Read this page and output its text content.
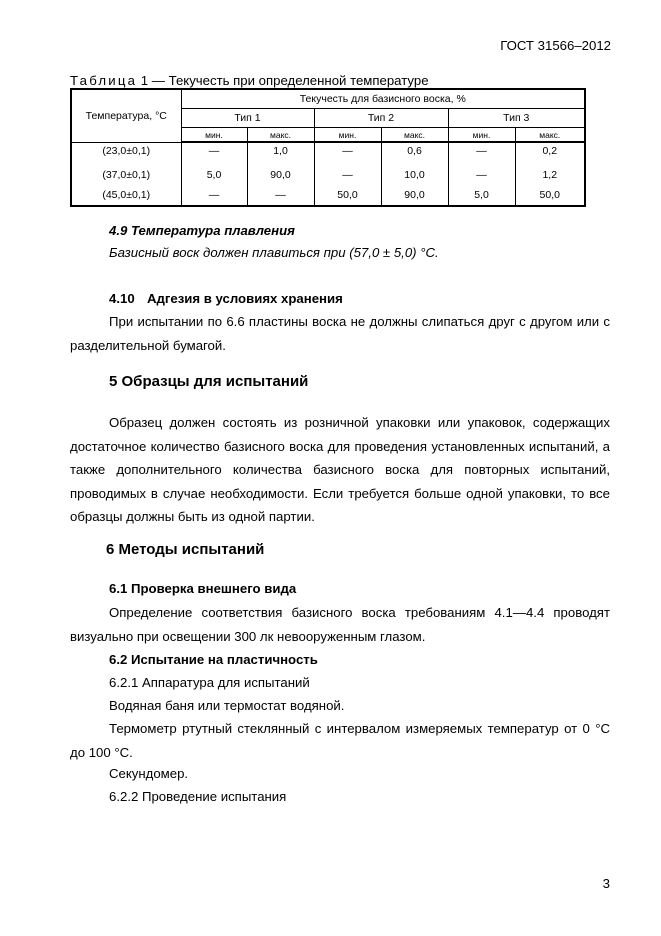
ГОСТ 31566–2012
Таблица 1 — Текучесть при определенной температуре
Температура, °С	Текучесть для базисного воска, %					
	Тип 1		Тип 2		Тип 3	
	мин.	макс.	мин.	макс.	мин.	макс.
(23,0±0,1)	—	1,0	—	0,6	—	0,2
(37,0±0,1)	5,0	90,0	—	10,0	—	1,2
(45,0±0,1)	—	—	50,0	90,0	5,0	50,0
4.9 Температура плавления
Базисный воск должен плавиться при (57,0 ± 5,0) °С.
4.10 Адгезия в условиях хранения
При испытании по 6.6 пластины воска не должны слипаться друг с другом или с разделительной бумагой.
5 Образцы для испытаний
Образец должен состоять из розничной упаковки или упаковок, содержащих достаточное количество базисного воска для проведения установленных испытаний, а также дополнительного количества базисного воска для повторных испытаний, проводимых в случае необходимости. Если требуется больше одной упаковки, то все образцы должны быть из одной партии.
6 Методы испытаний
6.1 Проверка внешнего вида
Определение соответствия базисного воска требованиям 4.1—4.4 проводят визуально при освещении 300 лк невооруженным глазом.
6.2 Испытание на пластичность
6.2.1 Аппаратура для испытаний
Водяная баня или термостат водяной.
Термометр ртутный стеклянный с интервалом измеряемых температур от 0 °С до 100 °С.
Секундомер.
6.2.2 Проведение испытания
3
